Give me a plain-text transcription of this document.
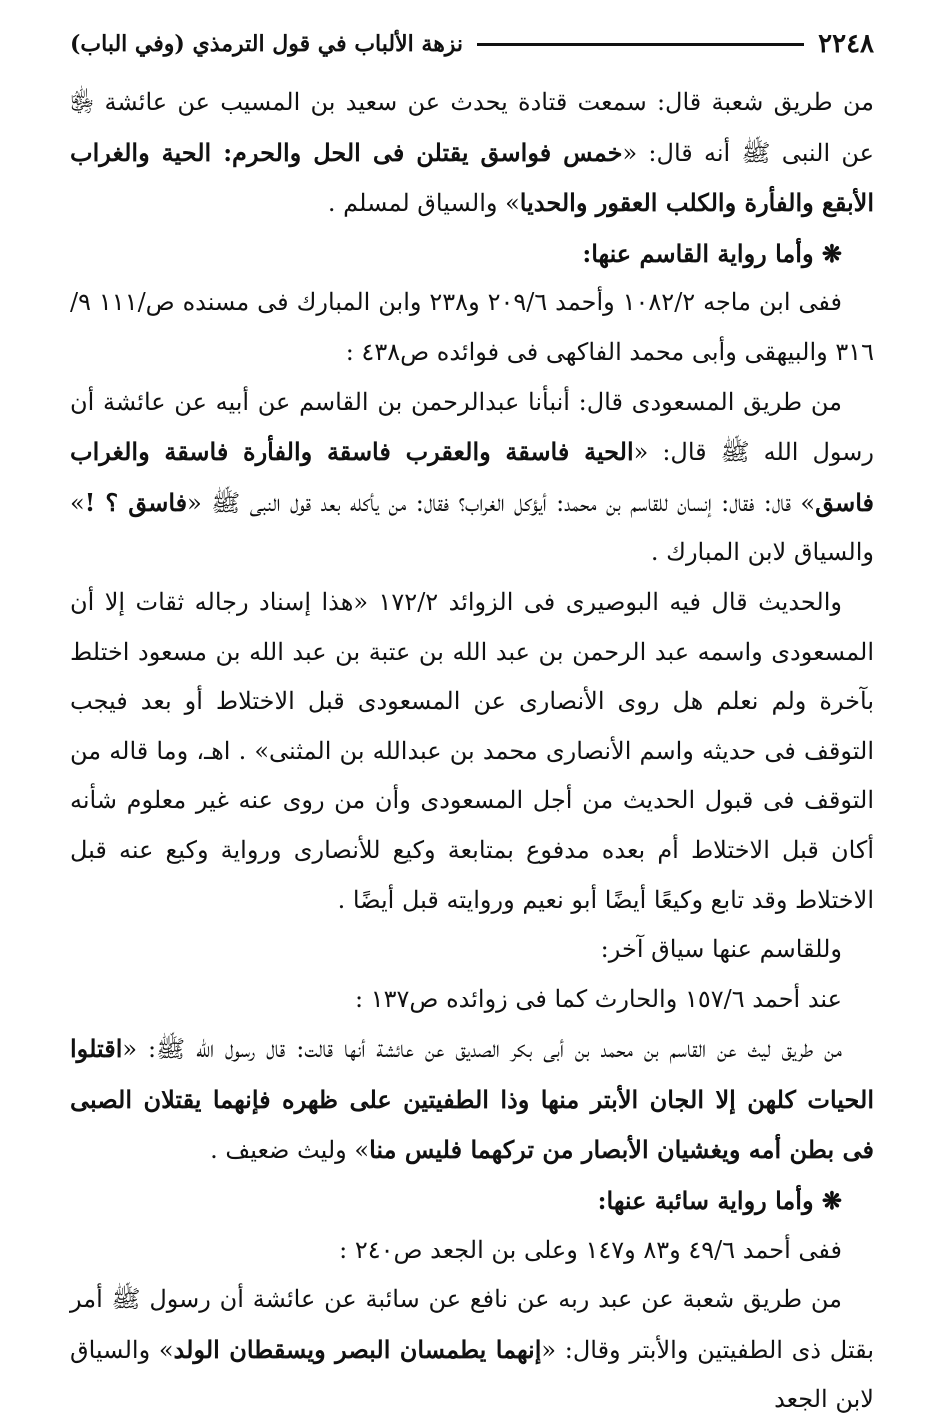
٢٢٤٨
نزهة الألباب في قول الترمذي (وفي الباب)

من طريق شعبة قال: سمعت قتادة يحدث عن سعيد بن المسيب عن عائشة ﵂ عن النبى ﷺ أنه قال: «خمس فواسق يقتلن فى الحل والحرم: الحية والغراب الأبقع والفأرة والكلب العقور والحديا» والسياق لمسلم .

❋ وأما رواية القاسم عنها:

ففى ابن ماجه ١٠٨٢/٢ وأحمد ٢٠٩/٦ و٢٣٨ وابن المبارك فى مسنده ص/١١١ ٩/ ٣١٦ والبيهقى وأبى محمد الفاكهى فى فوائده ص٤٣٨ :

من طريق المسعودى قال: أنبأنا عبدالرحمن بن القاسم عن أبيه عن عائشة أن رسول الله ﷺ قال: «الحية فاسقة والعقرب فاسقة والفأرة فاسقة والغراب فاسق» قال: فقال: إنسان للقاسم بن محمد: أيؤكل الغراب؟ فقال: من يأكله بعد قول النبى ﷺ «فاسق ؟ !» والسياق لابن المبارك .

والحديث قال فيه البوصيرى فى الزوائد ١٧٢/٢ «هذا إسناد رجاله ثقات إلا أن المسعودى واسمه عبد الرحمن بن عبد الله بن عتبة بن عبد الله بن مسعود اختلط بآخرة ولم نعلم هل روى الأنصارى عن المسعودى قبل الاختلاط أو بعد فيجب التوقف فى حديثه واسم الأنصارى محمد بن عبدالله بن المثنى» . اهـ، وما قاله من التوقف فى قبول الحديث من أجل المسعودى وأن من روى عنه غير معلوم شأنه أكان قبل الاختلاط أم بعده مدفوع بمتابعة وكيع للأنصارى ورواية وكيع عنه قبل الاختلاط وقد تابع وكيعًا أيضًا أبو نعيم وروايته قبل أيضًا .

وللقاسم عنها سياق آخر:

عند أحمد ١٥٧/٦ والحارث كما فى زوائده ص١٣٧ :

من طريق ليث عن القاسم بن محمد بن أبى بكر الصديق عن عائشة أنها قالت: قال رسول الله ﷺ: «اقتلوا الحيات كلهن إلا الجان الأبتر منها وذا الطفيتين على ظهره فإنهما يقتلان الصبى فى بطن أمه ويغشيان الأبصار من تركهما فليس منا» وليث ضعيف .

❋ وأما رواية سائبة عنها:

ففى أحمد ٤٩/٦ و٨٣ و١٤٧ وعلى بن الجعد ص٢٤٠ :

من طريق شعبة عن عبد ربه عن نافع عن سائبة عن عائشة أن رسول ﷺ أمر بقتل ذى الطفيتين والأبتر وقال: «إنهما يطمسان البصر ويسقطان الولد» والسياق لابن الجعد
